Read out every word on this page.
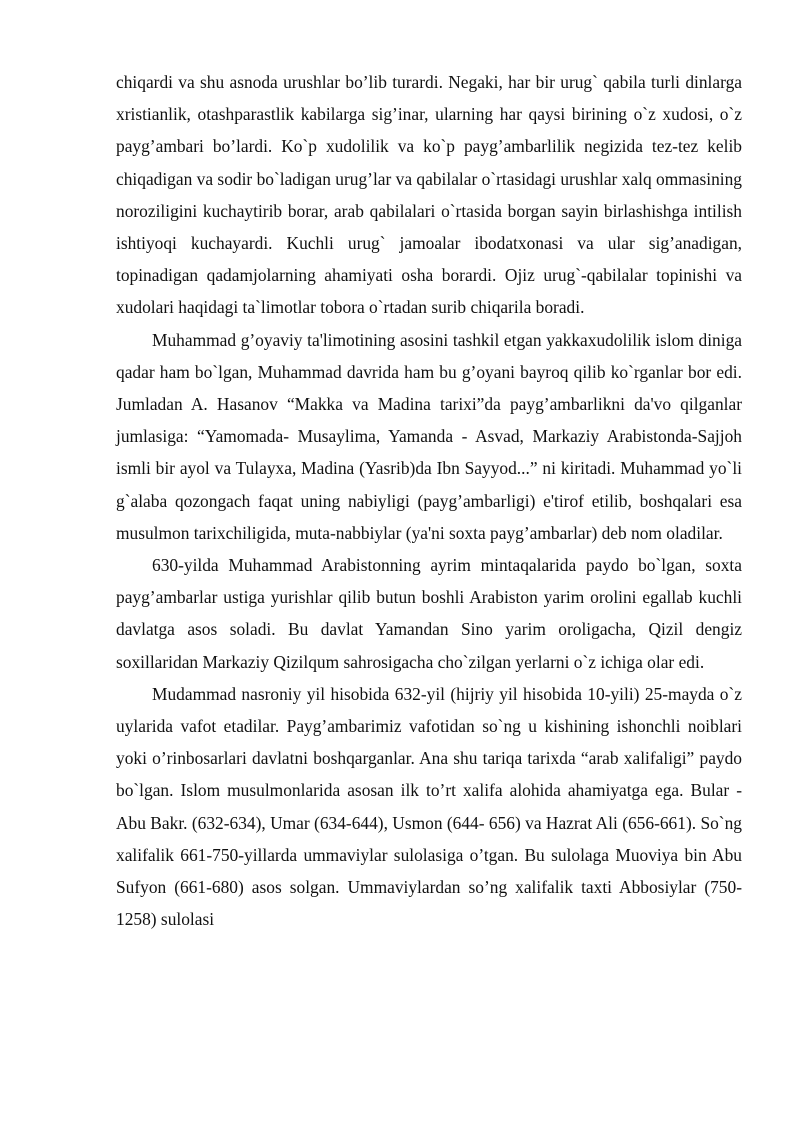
chiqardi va shu asnoda urushlar bo’lib turardi. Negaki, har bir urug` qabila turli dinlarga xristianlik, otashparastlik kabilarga sig’inar, ularning har qaysi birining o`z xudosi, o`z payg’ambari bo’lardi. Ko`p xudolilik va ko`p payg’ambarlilik negizida tez-tez kelib chiqadigan va sodir bo`ladigan urug’lar va qabilalar o`rtasidagi urushlar xalq ommasining noroziligini kuchaytirib borar, arab qabilalari o`rtasida borgan sayin birlashishga intilish ishtiyoqi kuchayardi. Kuchli urug` jamoalar ibodatxonasi va ular sig’anadigan, topinadigan qadamjolarning ahamiyati osha borardi. Ojiz urug`-qabilalar topinishi va xudolari haqidagi ta`limotlar tobora o`rtadan surib chiqarila boradi.

Muhammad g’oyaviy ta'limotining asosini tashkil etgan yakkaxudolilik islom diniga qadar ham bo`lgan, Muhammad davrida ham bu g’oyani bayroq qilib ko`rganlar bor edi. Jumladan A. Hasanov “Makka va Madina tarixi”da payg’ambarlikni da'vo qilganlar jumlasiga: “Yamomada- Musaylima, Yamanda - Asvad, Markaziy Arabistonda-Sajjoh ismli bir ayol va Tulayxa, Madina (Yasrib)da Ibn Sayyod...” ni kiritadi. Muhammad yo`li g`alaba qozongach faqat uning nabiyligi (payg’ambarligi) e'tirof etilib, boshqalari esa musulmon tarixchiligida, muta-nabbiylar (ya'ni soxta payg’ambarlar) deb nom oladilar.

630-yilda Muhammad Arabistonning ayrim mintaqalarida paydo bo`lgan, soxta payg’ambarlar ustiga yurishlar qilib butun boshli Arabiston yarim orolini egallab kuchli davlatga asos soladi. Bu davlat Yamandan Sino yarim oroligacha, Qizil dengiz soxillaridan Markaziy Qizilqum sahrosigacha cho`zilgan yerlarni o`z ichiga olar edi.

Mudammad nasroniy yil hisobida 632-yil (hijriy yil hisobida 10-yili) 25-mayda o`z uylarida vafot etadilar. Payg’ambarimiz vafotidan so`ng u kishining ishonchli noiblari yoki o’rinbosarlari davlatni boshqarganlar. Ana shu tariqa tarixda “arab xalifaligi” paydo bo`lgan. Islom musulmonlarida asosan ilk to’rt xalifa alohida ahamiyatga ega. Bular - Abu Bakr. (632-634), Umar (634-644), Usmon (644- 656) va Hazrat Ali (656-661). So`ng xalifalik 661-750-yillarda ummaviylar sulolasiga o’tgan. Bu sulolaga Muoviya bin Abu Sufyon (661-680) asos solgan. Ummaviylardan so’ng xalifalik taxti Abbosiylar (750-1258) sulolasi
